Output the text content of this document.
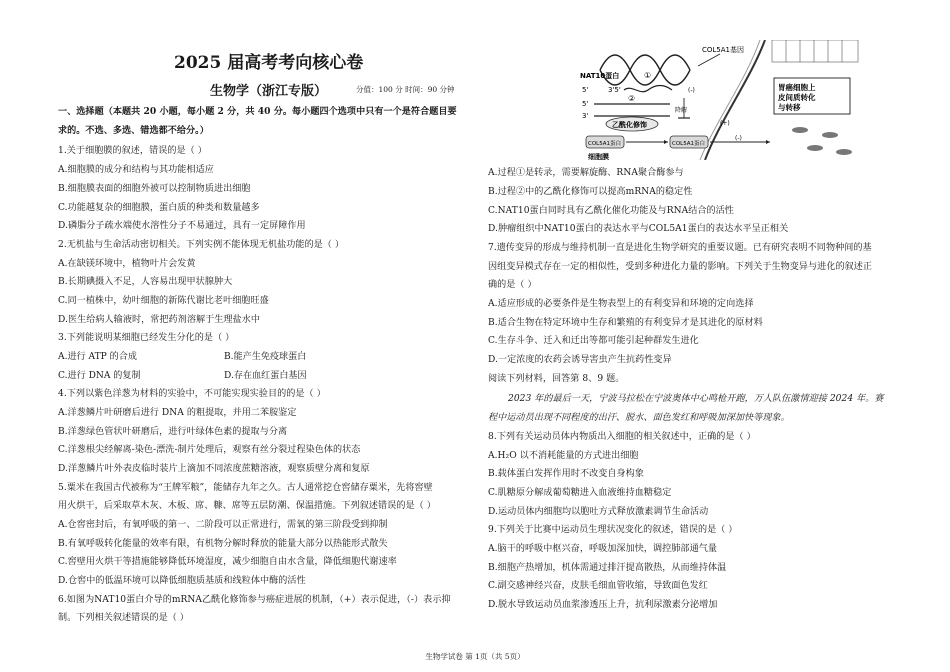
2025 届高考考向核心卷
生物学（浙江专版）	分值：100 分 时间：90 分钟
一、选择题（本题共 20 小题，每小题 2 分，共 40 分。每小题四个选项中只有一个是符合题目要
求的。不选、多选、错选都不给分。）
1.关于细胞膜的叙述，错误的是（ ）
A.细胞膜的成分和结构与其功能相适应
B.细胞膜表面的细胞外被可以控制物质进出细胞
C.功能越复杂的细胞膜，蛋白质的种类和数量越多
D.磷脂分子疏水端使水溶性分子不易通过，具有一定屏障作用
2.无机盐与生命活动密切相关。下列实例不能体现无机盐功能的是（ ）
A.在缺镁环境中，植物叶片会发黄
B.长期碘摄入不足，人容易出现甲状腺肿大
C.同一植株中，幼叶细胞的新陈代谢比老叶细胞旺盛
D.医生给病人输液时，常把药剂溶解于生理盐水中
3.下列能说明某细胞已经发生分化的是（ ）
A.进行 ATP 的合成	B.能产生免疫球蛋白
C.进行 DNA 的复制	D.存在血红蛋白基因
4.下列以紫色洋葱为材料的实验中，不可能实现实验目的的是（ ）
A.洋葱鳞片叶研磨后进行 DNA 的粗提取，并用二苯胺鉴定
B.洋葱绿色管状叶研磨后，进行叶绿体色素的提取与分离
C.洋葱根尖经解离-染色-漂洗-制片处理后，观察有丝分裂过程染色体的状态
D.洋葱鳞片叶外表皮临时装片上滴加不同浓度蔗糖溶液，观察质壁分离和复原
5.粟米在我国古代被称为“王牌军粮”，能储存九年之久。古人通常挖仓窖储存粟米，先将窖壁
用火烘干，后采取草木灰、木板、席、糠、席等五层防潮、保温措施。下列叙述错误的是（ ）
A.仓窖密封后，有氧呼吸的第一、二阶段可以正常进行，需氧的第三阶段受到抑制
B.有氧呼吸转化能量的效率有限，有机物分解时释放的能量大部分以热能形式散失
C.窖壁用火烘干等措施能够降低环境湿度，减少细胞自由水含量，降低细胞代谢速率
D.仓窖中的低温环境可以降低细胞质基质和线粒体中酶的活性
6.如图为NAT10蛋白介导的mRNA乙酰化修饰参与癌症进展的机制，（+）表示促进，（-）表示抑
制。下列相关叙述错误的是（ ）
COL5A1基因
NAT10蛋白	①
5'	3'5'
5'
②
3'
乙酰化修饰
降解
(-)
COL5A1蛋白	COL5A1蛋白
(+)
(-)
细胞膜
胃癌细胞上
皮间质转化
与转移
A.过程①是转录，需要解旋酶、RNA聚合酶参与
B.过程②中的乙酰化修饰可以提高mRNA的稳定性
C.NAT10蛋白同时具有乙酰化催化功能及与RNA结合的活性
D.肿瘤组织中NAT10蛋白的表达水平与COL5A1蛋白的表达水平呈正相关
7.遗传变异的形成与维持机制一直是进化生物学研究的重要议题。已有研究表明不同物种间的基
因组变异模式存在一定的相似性，受到多种进化力量的影响。下列关于生物变异与进化的叙述正
确的是（ ）
A.适应形成的必要条件是生物表型上的有利变异和环境的定向选择
B.适合生物在特定环境中生存和繁殖的有利变异才是其进化的原材料
C.生存斗争、迁入和迁出等都可能引起种群发生进化
D.一定浓度的农药会诱导害虫产生抗药性变异
阅读下列材料，回答第 8、9 题。
2023 年的最后一天，宁波马拉松在宁波奥体中心鸣枪开跑，万人队伍激情迎接 2024 年。赛
程中运动员出现不同程度的出汗、脱水、面色发红和呼吸加深加快等现象。
8.下列有关运动员体内物质出入细胞的相关叙述中，正确的是（ ）
A.H₂O 以不消耗能量的方式进出细胞
B.载体蛋白发挥作用时不改变自身构象
C.肌糖原分解成葡萄糖进入血液维持血糖稳定
D.运动员体内细胞均以胞吐方式释放激素调节生命活动
9.下列关于比赛中运动员生理状况变化的叙述，错误的是（ ）
A.脑干的呼吸中枢兴奋，呼吸加深加快，调控肺部通气量
B.细胞产热增加，机体需通过排汗提高散热，从而维持体温
C.副交感神经兴奋，皮肤毛细血管收缩，导致面色发红
D.脱水导致运动员血浆渗透压上升，抗利尿激素分泌增加
生物学试卷 第 1页（共 5页）
